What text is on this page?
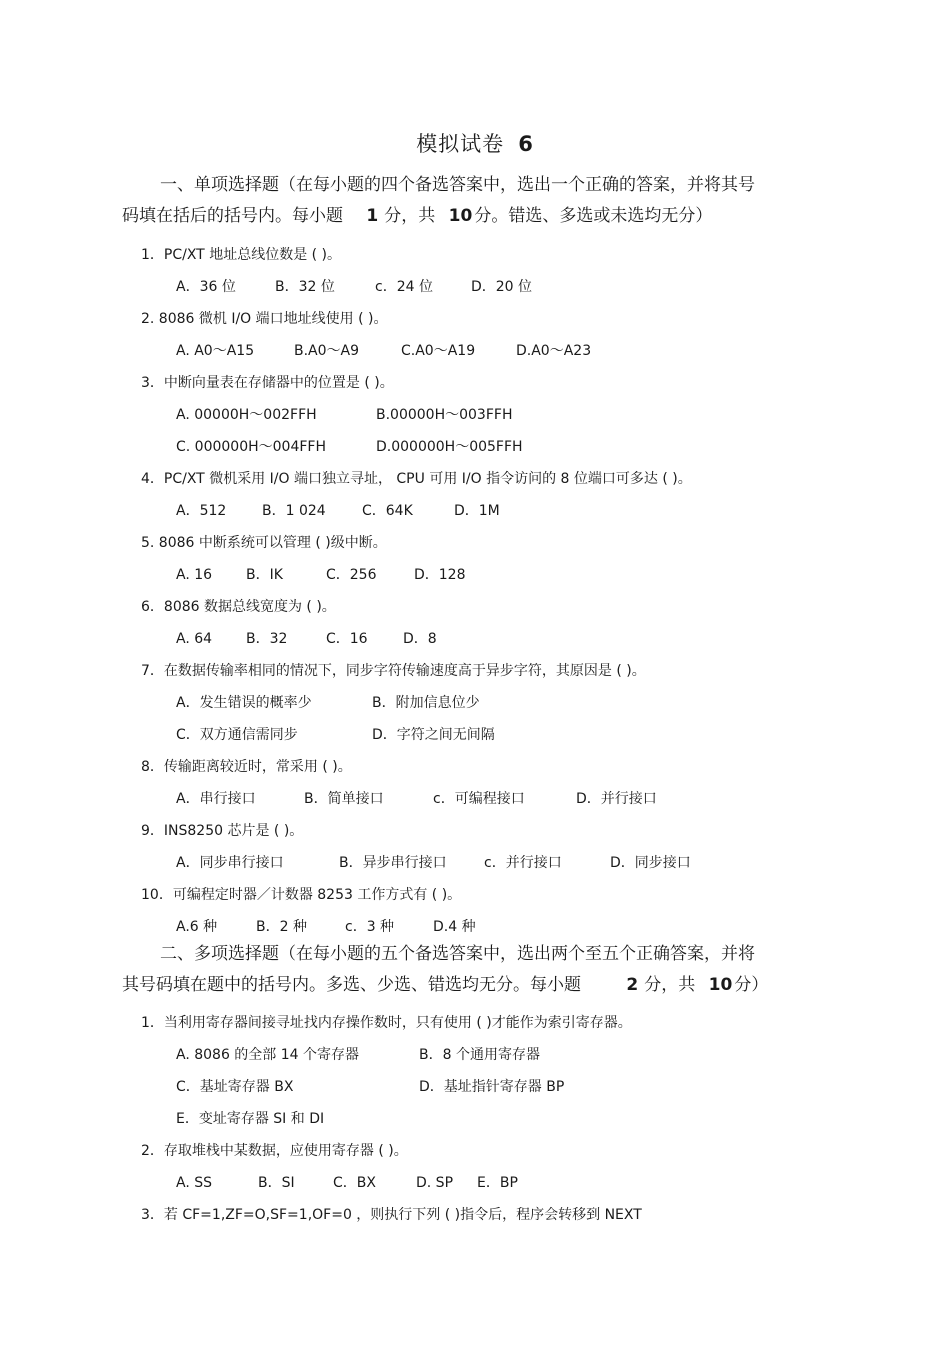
模拟试卷 6
一、单项选择题（在每小题的四个备选答案中，选出一个正确的答案，并将其号
码填在括后的括号内。每小题 1 分，共 10 分。错选、多选或未选均无分）
1．PC/XT 地址总线位数是 ( )。
A．36 位	B．32 位	c．24 位	D．20 位
2. 8086 微机 I/O 端口地址线使用 ( )。
A. A0～A15	B.A0～A9	C.A0～A19	D.A0～A23
3．中断向量表在存储器中的位置是 ( )。
A. 00000H～002FFH	B.00000H～003FFH
C. 000000H～004FFH	D.000000H～005FFH
4．PC/XT 微机采用 I/O 端口独立寻址， CPU 可用 I/O 指令访问的 8 位端口可多达 ( )。
A．512	B．1 024	C．64K	D．1M
5. 8086 中断系统可以管理 ( )级中断。
A. 16 B．IK	C．256	D．128
6．8086 数据总线宽度为 ( )。
A. 64 B．32	C．16	D．8
7．在数据传输率相同的情况下，同步字符传输速度高于异步字符，其原因是 ( )。
A．发生错误的概率少	B．附加信息位少
C．双方通信需同步	D．字符之间无间隔
8．传输距离较近时，常采用 ( )。
A．串行接口	B．简单接口	c．可编程接口	D．并行接口
9．INS8250 芯片是 ( )。
A．同步串行接口	B．异步串行接口	c．并行接口	D．同步接口
10．可编程定时器／计数器 8253 工作方式有 ( )。
A.6 种	B．2 种	c．3 种	D.4 种
二、多项选择题（在每小题的五个备选答案中，选出两个至五个正确答案，并将
其号码填在题中的括号内。多选、少选、错选均无分。每小题	2 分，共 10 分）
1．当利用寄存器间接寻址找内存操作数时，只有使用 ( )才能作为索引寄存器。
A. 8086 的全部 14 个寄存器	B．8 个通用寄存器
C．基址寄存器 BX	D．基址指针寄存器 BP
E．变址寄存器 SI 和 DI
2．存取堆栈中某数据，应使用寄存器 ( )。
A. SS	B．SI	C．BX	D. SP E．BP
3．若 CF=1,ZF=O,SF=1,OF=0 ，则执行下列 ( )指令后，程序会转移到 NEXT
